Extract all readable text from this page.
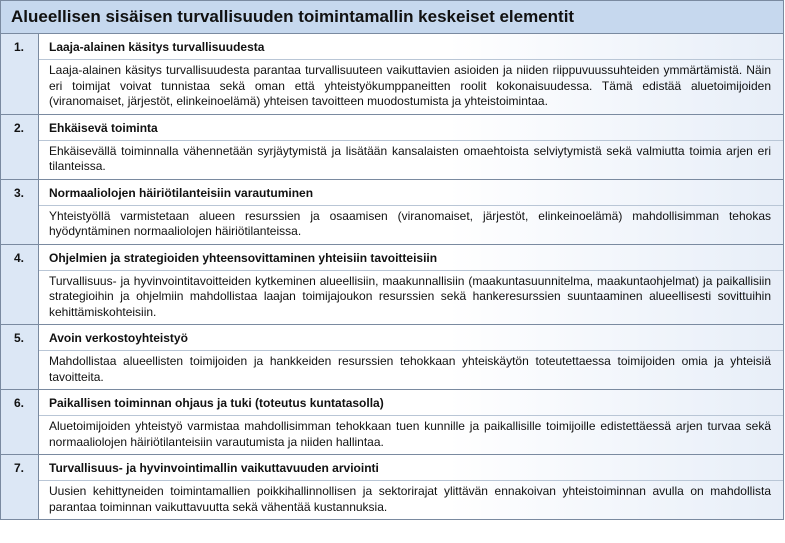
Alueellisen sisäisen turvallisuuden toimintamallin keskeiset elementit
1.	Laaja-alainen käsitys turvallisuudesta
Laaja-alainen käsitys turvallisuudesta parantaa turvallisuuteen vaikuttavien asioiden ja niiden riippuvuussuhteiden ymmärtämistä. Näin eri toimijat voivat tunnistaa sekä oman että yhteistyökumppaneitten roolit kokonaisuudessa. Tämä edistää aluetoimijoiden (viranomaiset, järjestöt, elinkeinoelämä) yhteisen tavoitteen muodostumista ja yhteistoimintaa.
2.	Ehkäisevä toiminta
Ehkäisevällä toiminnalla vähennetään syrjäytymistä ja lisätään kansalaisten omaehtoista selviytymistä sekä valmiutta toimia arjen eri tilanteissa.
3.	Normaaliolojen häiriötilanteisiin varautuminen
Yhteistyöllä varmistetaan alueen resurssien ja osaamisen (viranomaiset, järjestöt, elinkeinoelämä) mahdollisimman tehokas hyödyntäminen normaaliolojen häiriötilanteissa.
4.	Ohjelmien ja strategioiden yhteensovittaminen yhteisiin tavoitteisiin
Turvallisuus- ja hyvinvointitavoitteiden kytkeminen alueellisiin, maakunnallisiin (maakuntasuunnitelma, maakuntaohjelmat) ja paikallisiin strategioihin ja ohjelmiin mahdollistaa laajan toimijajoukon resurssien sekä hankeresurssien suuntaaminen alueellisesti sovittuihin kehittämiskohteisiin.
5.	Avoin verkostoyhteistyö
Mahdollistaa alueellisten toimijoiden ja hankkeiden resurssien tehokkaan yhteiskäytön toteutettaessa toimijoiden omia ja yhteisiä tavoitteita.
6.	Paikallisen toiminnan ohjaus ja tuki (toteutus kuntatasolla)
Aluetoimijoiden yhteistyö varmistaa mahdollisimman tehokkaan tuen kunnille ja paikallisille toimijoille edistettäessä arjen turvaa sekä normaaliolojen häiriötilanteisiin varautumista ja niiden hallintaa.
7.	Turvallisuus- ja hyvinvointimallin vaikuttavuuden arviointi
Uusien kehittyneiden toimintamallien poikkihallinnollisen ja sektorirajat ylittävän ennakoivan yhteistoiminnan avulla on mahdollista parantaa toiminnan vaikuttavuutta sekä vähentää kustannuksia.
